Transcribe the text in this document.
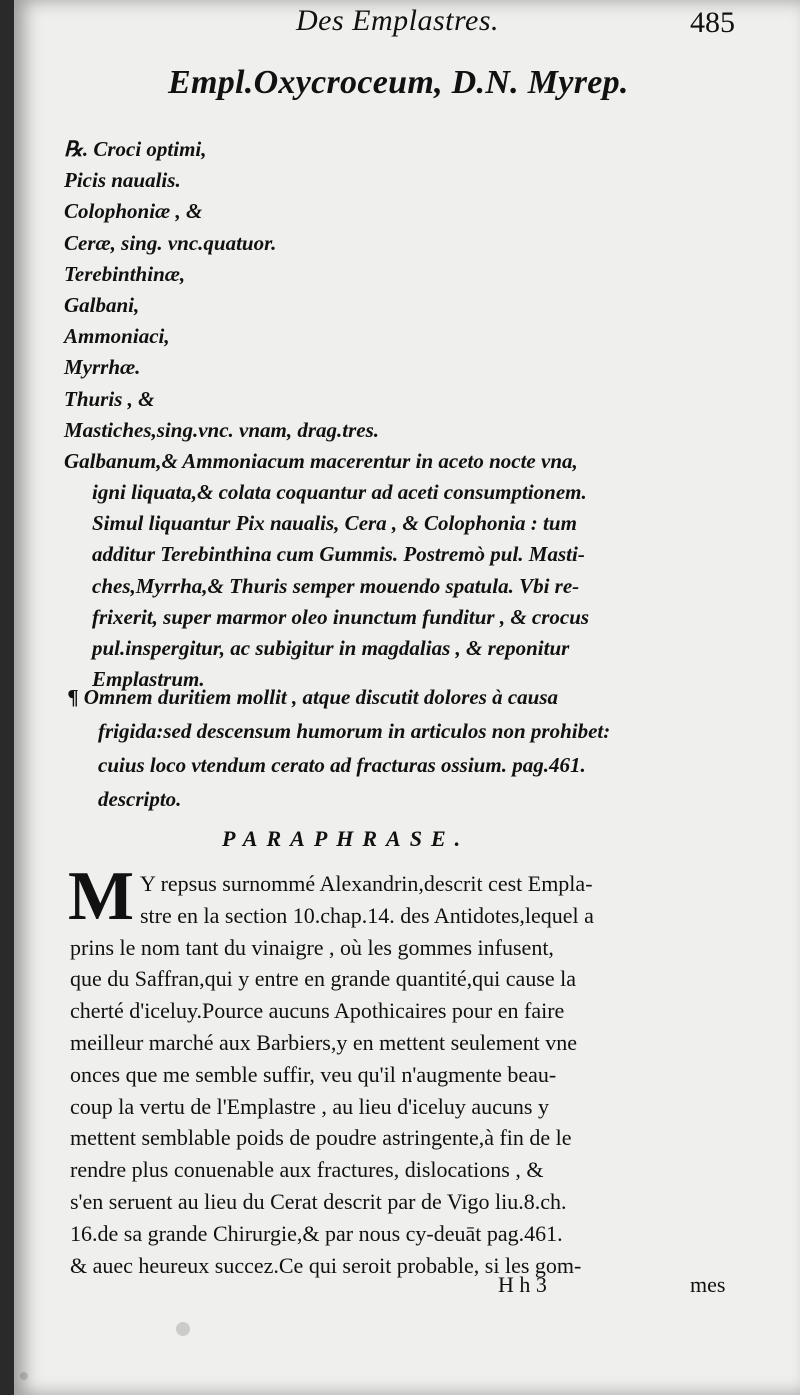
Des Emplastres.	485
Empl.Oxycroceum, D.N. Myrep.
℞. Croci optimi,
Picis naualis.
Colophoniæ , &
Ceræ, sing. vnc.quatuor.
Terebinthinæ,
Galbani,
Ammoniaci,
Myrrhæ.
Thuris , &
Mastiches,sing.vnc. vnam, drag.tres.
Galbanum,& Ammoniacum macerentur in aceto nocte vna,
igni liquata,& colata coquantur ad aceti consumptionem.
Simul liquantur Pix naualis, Cera , & Colophonia : tum
additur Terebinthina cum Gummis. Postremò pul. Masti-
ches,Myrrha,& Thuris semper mouendo spatula. Vbi re-
frixerit, super marmor oleo inunctum funditur , & crocus
pul.inspergitur, ac subigitur in magdalias , & reponitur
Emplastrum.
¶ Omnem duritiem mollit , atque discutit dolores à causa
frigida:sed descensum humorum in articulos non prohibet:
cuius loco vtendum cerato ad fracturas ossium. pag.461.
descripto.
PARAPHRASE.
M Y repsus surnommé Alexandrin,descrit cest Empla-
stre en la section 10.chap.14. des Antidotes,lequel a
prins le nom tant du vinaigre , où les gommes infusent,
que du Saffran,qui y entre en grande quantité,qui cause la
cherté d'iceluy.Pource aucuns Apothicaires pour en faire
meilleur marché aux Barbiers,y en mettent seulement vne
onces que me semble suffir, veu qu'il n'augmente beau-
coup la vertu de l'Emplastre , au lieu d'iceluy aucuns y
mettent semblable poids de poudre astringente,à fin de le
rendre plus conuenable aux fractures, dislocations , &
s'en seruent au lieu du Cerat descrit par de Vigo liu.8.ch.
16.de sa grande Chirurgie,& par nous cy-deuāt pag.461.
& auec heureux succez.Ce qui seroit probable, si les gom-
H h 3	mes
